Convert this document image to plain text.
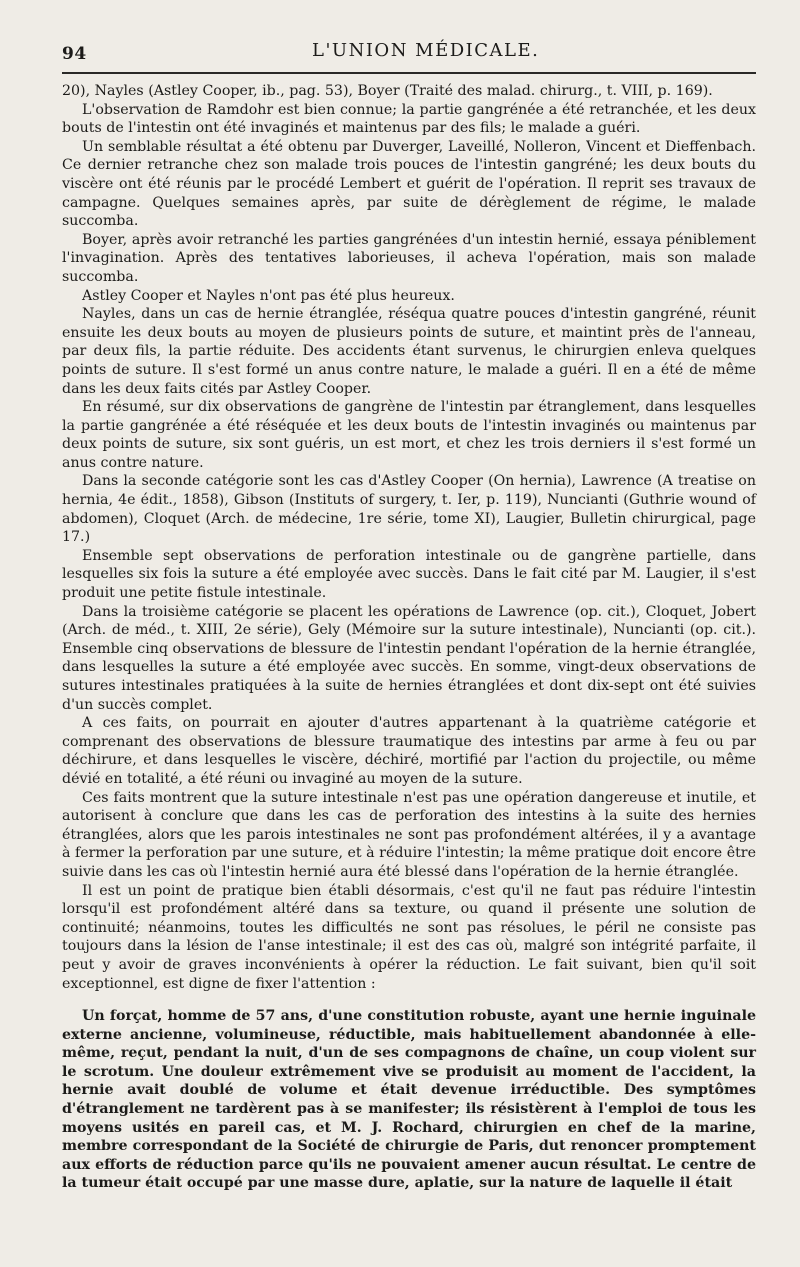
94	L'UNION MÉDICALE.

20), Nayles (Astley Cooper, ib., pag. 53), Boyer (Traité des malad. chirurg., t. VIII, p. 169).

L'observation de Ramdohr est bien connue; la partie gangrénée a été retranchée, et les deux bouts de l'intestin ont été invaginés et maintenus par des fils; le malade a guéri.

Un semblable résultat a été obtenu par Duverger, Laveillé, Nolleron, Vincent et Dieffenbach. Ce dernier retranche chez son malade trois pouces de l'intestin gangréné; les deux bouts du viscère ont été réunis par le procédé Lembert et guérit de l'opération. Il reprit ses travaux de campagne. Quelques semaines après, par suite de dérèglement de régime, le malade succomba.

Boyer, après avoir retranché les parties gangrénées d'un intestin hernié, essaya péniblement l'invagination. Après des tentatives laborieuses, il acheva l'opération, mais son malade succomba.

Astley Cooper et Nayles n'ont pas été plus heureux.

Nayles, dans un cas de hernie étranglée, réséqua quatre pouces d'intestin gangréné, réunit ensuite les deux bouts au moyen de plusieurs points de suture, et maintint près de l'anneau, par deux fils, la partie réduite. Des accidents étant survenus, le chirurgien enleva quelques points de suture. Il s'est formé un anus contre nature, le malade a guéri. Il en a été de même dans les deux faits cités par Astley Cooper.

En résumé, sur dix observations de gangrène de l'intestin par étranglement, dans lesquelles la partie gangrénée a été réséquée et les deux bouts de l'intestin invaginés ou maintenus par deux points de suture, six sont guéris, un est mort, et chez les trois derniers il s'est formé un anus contre nature.

Dans la seconde catégorie sont les cas d'Astley Cooper (On hernia), Lawrence (A treatise on hernia, 4e édit., 1858), Gibson (Instituts of surgery, t. Ier, p. 119), Nuncianti (Guthrie wound of abdomen), Cloquet (Arch. de médecine, 1re série, tome XI), Laugier, Bulletin chirurgical, page 17.)

Ensemble sept observations de perforation intestinale ou de gangrène partielle, dans lesquelles six fois la suture a été employée avec succès. Dans le fait cité par M. Laugier, il s'est produit une petite fistule intestinale.

Dans la troisième catégorie se placent les opérations de Lawrence (op. cit.), Cloquet, Jobert (Arch. de méd., t. XIII, 2e série), Gely (Mémoire sur la suture intestinale), Nuncianti (op. cit.). Ensemble cinq observations de blessure de l'intestin pendant l'opération de la hernie étranglée, dans lesquelles la suture a été employée avec succès. En somme, vingt-deux observations de sutures intestinales pratiquées à la suite de hernies étranglées et dont dix-sept ont été suivies d'un succès complet.

A ces faits, on pourrait en ajouter d'autres appartenant à la quatrième catégorie et comprenant des observations de blessure traumatique des intestins par arme à feu ou par déchirure, et dans lesquelles le viscère, déchiré, mortifié par l'action du projectile, ou même dévié en totalité, a été réuni ou invaginé au moyen de la suture.

Ces faits montrent que la suture intestinale n'est pas une opération dangereuse et inutile, et autorisent à conclure que dans les cas de perforation des intestins à la suite des hernies étranglées, alors que les parois intestinales ne sont pas profondément altérées, il y a avantage à fermer la perforation par une suture, et à réduire l'intestin; la même pratique doit encore être suivie dans les cas où l'intestin hernié aura été blessé dans l'opération de la hernie étranglée.

Il est un point de pratique bien établi désormais, c'est qu'il ne faut pas réduire l'intestin lorsqu'il est profondément altéré dans sa texture, ou quand il présente une solution de continuité; néanmoins, toutes les difficultés ne sont pas résolues, le péril ne consiste pas toujours dans la lésion de l'anse intestinale; il est des cas où, malgré son intégrité parfaite, il peut y avoir de graves inconvénients à opérer la réduction. Le fait suivant, bien qu'il soit exceptionnel, est digne de fixer l'attention :

Un forçat, homme de 57 ans, d'une constitution robuste, ayant une hernie inguinale externe ancienne, volumineuse, réductible, mais habituellement abandonnée à elle-même, reçut, pendant la nuit, d'un de ses compagnons de chaîne, un coup violent sur le scrotum. Une douleur extrêmement vive se produisit au moment de l'accident, la hernie avait doublé de volume et était devenue irréductible. Des symptômes d'étranglement ne tardèrent pas à se manifester; ils résistèrent à l'emploi de tous les moyens usités en pareil cas, et M. J. Rochard, chirurgien en chef de la marine, membre correspondant de la Société de chirurgie de Paris, dut renoncer promptement aux efforts de réduction parce qu'ils ne pouvaient amener aucun résultat. Le centre de la tumeur était occupé par une masse dure, aplatie, sur la nature de laquelle il était
